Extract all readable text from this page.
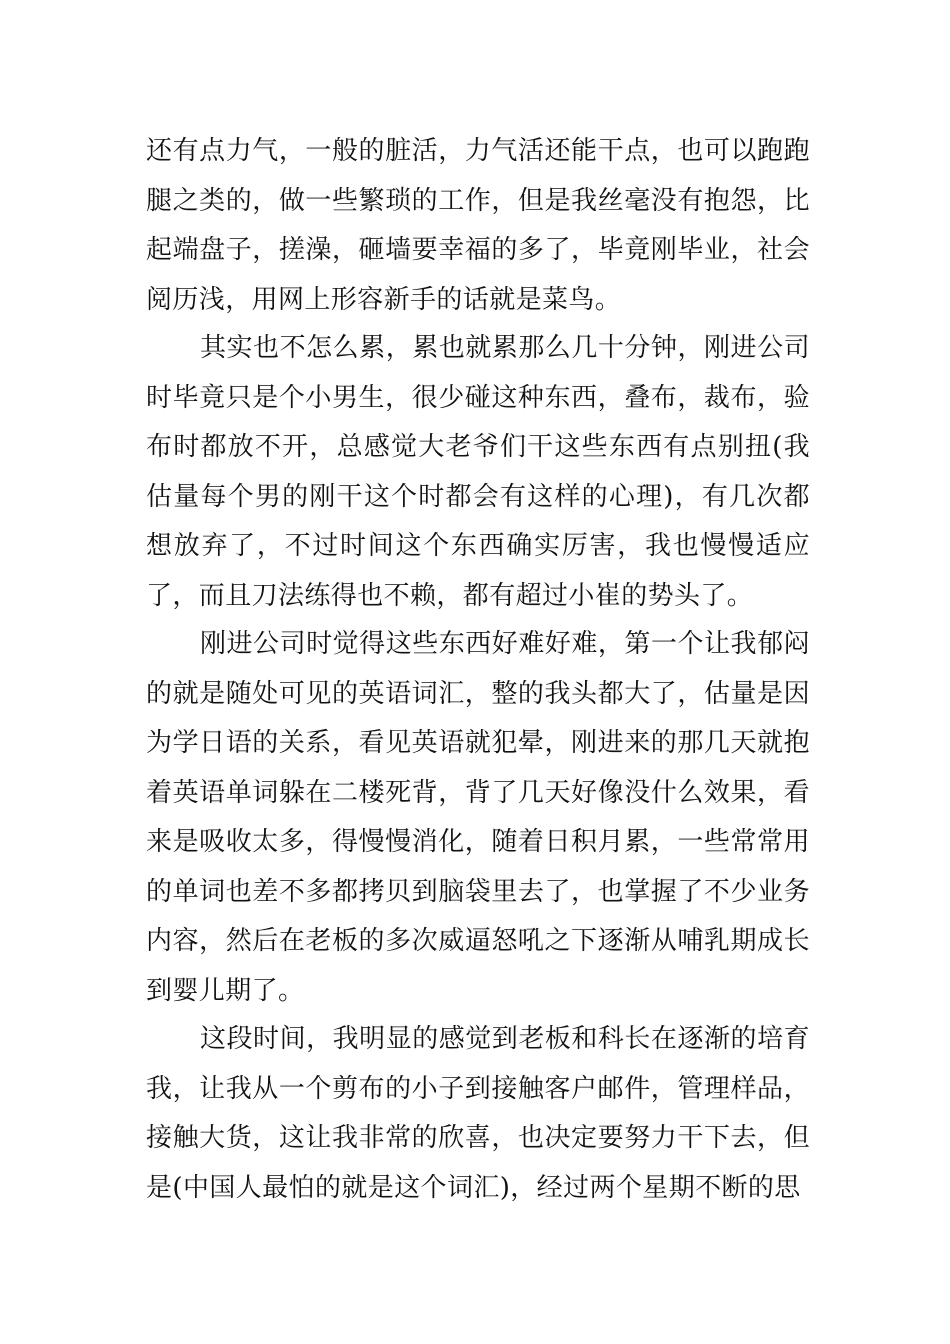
还有点力气，一般的脏活，力气活还能干点，也可以跑跑腿之类的，做一些繁琐的工作，但是我丝毫没有抱怨，比起端盘子，搓澡，砸墙要幸福的多了，毕竟刚毕业，社会阅历浅，用网上形容新手的话就是菜鸟。

其实也不怎么累，累也就累那么几十分钟，刚进公司时毕竟只是个小男生，很少碰这种东西，叠布，裁布，验布时都放不开，总感觉大老爷们干这些东西有点别扭(我估量每个男的刚干这个时都会有这样的心理)，有几次都想放弃了，不过时间这个东西确实厉害，我也慢慢适应了，而且刀法练得也不赖，都有超过小崔的势头了。

刚进公司时觉得这些东西好难好难，第一个让我郁闷的就是随处可见的英语词汇，整的我头都大了，估量是因为学日语的关系，看见英语就犯晕，刚进来的那几天就抱着英语单词躲在二楼死背，背了几天好像没什么效果，看来是吸收太多，得慢慢消化，随着日积月累，一些常常用的单词也差不多都拷贝到脑袋里去了，也掌握了不少业务内容，然后在老板的多次威逼怒吼之下逐渐从哺乳期成长到婴儿期了。

这段时间，我明显的感觉到老板和科长在逐渐的培育我，让我从一个剪布的小子到接触客户邮件，管理样品，接触大货，这让我非常的欣喜，也决定要努力干下去，但是(中国人最怕的就是这个词汇)，经过两个星期不断的思
